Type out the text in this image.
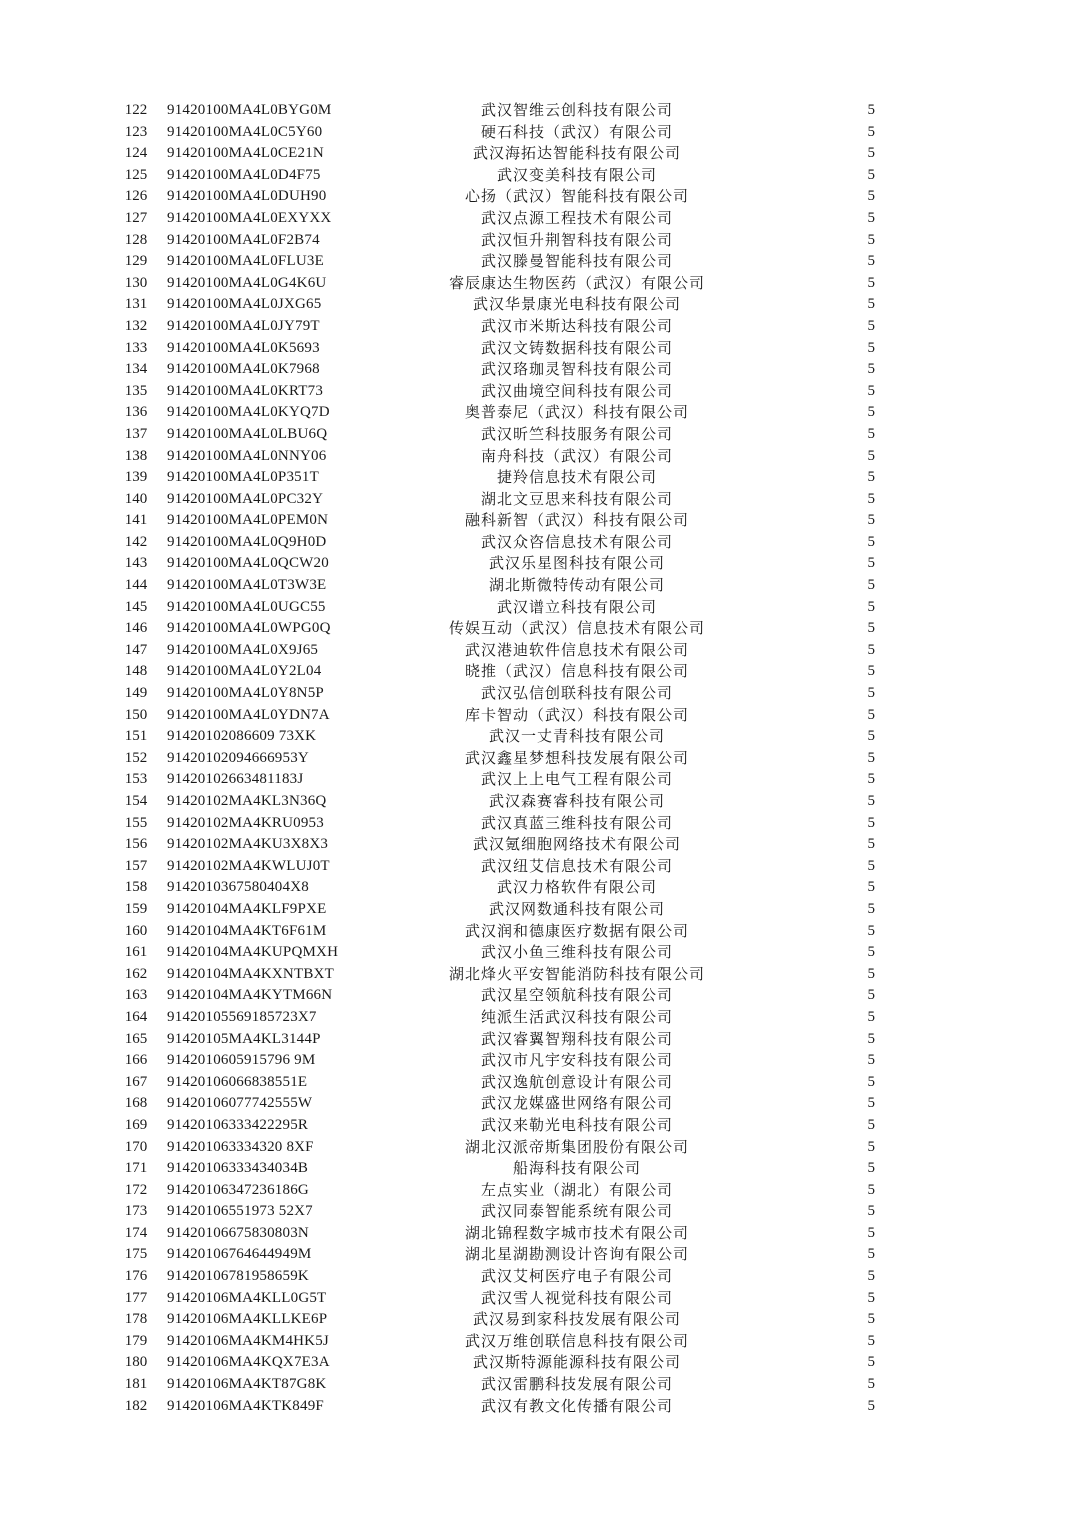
122	91420100MA4L0BYG0M	武汉智维云创科技有限公司	5
123	91420100MA4L0C5Y60	硬石科技（武汉）有限公司	5
124	91420100MA4L0CE21N	武汉海拓达智能科技有限公司	5
125	91420100MA4L0D4F75	武汉变美科技有限公司	5
126	91420100MA4L0DUH90	心扬（武汉）智能科技有限公司	5
127	91420100MA4L0EXYXX	武汉点源工程技术有限公司	5
128	91420100MA4L0F2B74	武汉恒升荆智科技有限公司	5
129	91420100MA4L0FLU3E	武汉滕曼智能科技有限公司	5
130	91420100MA4L0G4K6U	睿辰康达生物医药（武汉）有限公司	5
131	91420100MA4L0JXG65	武汉华景康光电科技有限公司	5
132	91420100MA4L0JY79T	武汉市米斯达科技有限公司	5
133	91420100MA4L0K5693	武汉文铸数据科技有限公司	5
134	91420100MA4L0K7968	武汉珞珈灵智科技有限公司	5
135	91420100MA4L0KRT73	武汉曲境空间科技有限公司	5
136	91420100MA4L0KYQ7D	奥普泰尼（武汉）科技有限公司	5
137	91420100MA4L0LBU6Q	武汉昕竺科技服务有限公司	5
138	91420100MA4L0NNY06	南舟科技（武汉）有限公司	5
139	91420100MA4L0P351T	捷羚信息技术有限公司	5
140	91420100MA4L0PC32Y	湖北文豆思来科技有限公司	5
141	91420100MA4L0PEM0N	融科新智（武汉）科技有限公司	5
142	91420100MA4L0Q9H0D	武汉众咨信息技术有限公司	5
143	91420100MA4L0QCW20	武汉乐星图科技有限公司	5
144	91420100MA4L0T3W3E	湖北斯微特传动有限公司	5
145	91420100MA4L0UGC55	武汉谱立科技有限公司	5
146	91420100MA4L0WPG0Q	传娱互动（武汉）信息技术有限公司	5
147	91420100MA4L0X9J65	武汉港迪软件信息技术有限公司	5
148	91420100MA4L0Y2L04	晓推（武汉）信息科技有限公司	5
149	91420100MA4L0Y8N5P	武汉弘信创联科技有限公司	5
150	91420100MA4L0YDN7A	库卡智动（武汉）科技有限公司	5
151	91420102086609 73XK	武汉一丈青科技有限公司	5
152	91420102094666953Y	武汉鑫星梦想科技发展有限公司	5
153	91420102663481183J	武汉上上电气工程有限公司	5
154	91420102MA4KL3N36Q	武汉森赛睿科技有限公司	5
155	91420102MA4KRU0953	武汉真蓝三维科技有限公司	5
156	91420102MA4KU3X8X3	武汉氪细胞网络技术有限公司	5
157	91420102MA4KWLUJ0T	武汉纽艾信息技术有限公司	5
158	9142010367580404X8	武汉力格软件有限公司	5
159	91420104MA4KLF9PXE	武汉网数通科技有限公司	5
160	91420104MA4KT6F61M	武汉润和德康医疗数据有限公司	5
161	91420104MA4KUPQMXH	武汉小鱼三维科技有限公司	5
162	91420104MA4KXNTBXT	湖北烽火平安智能消防科技有限公司	5
163	91420104MA4KYTM66N	武汉星空领航科技有限公司	5
164	91420105569185723X7	纯派生活武汉科技有限公司	5
165	91420105MA4KL3144P	武汉睿翼智翔科技有限公司	5
166	9142010605915796 9M	武汉市凡宇安科技有限公司	5
167	91420106066838551E	武汉逸航创意设计有限公司	5
168	91420106077742555W	武汉龙媒盛世网络有限公司	5
169	91420106333422295R	武汉来勒光电科技有限公司	5
170	914201063334320 8XF	湖北汉派帝斯集团股份有限公司	5
171	91420106333434034B	船海科技有限公司	5
172	91420106347236186G	左点实业（湖北）有限公司	5
173	91420106551973 52X7	武汉同泰智能系统有限公司	5
174	91420106675830803N	湖北锦程数字城市技术有限公司	5
175	91420106764644949M	湖北星湖勘测设计咨询有限公司	5
176	91420106781958659K	武汉艾柯医疗电子有限公司	5
177	91420106MA4KLL0G5T	武汉雪人视觉科技有限公司	5
178	91420106MA4KLLKE6P	武汉易到家科技发展有限公司	5
179	91420106MA4KM4HK5J	武汉万维创联信息科技有限公司	5
180	91420106MA4KQX7E3A	武汉斯特源能源科技有限公司	5
181	91420106MA4KT87G8K	武汉雷鹏科技发展有限公司	5
182	91420106MA4KTK849F	武汉有教文化传播有限公司	5
